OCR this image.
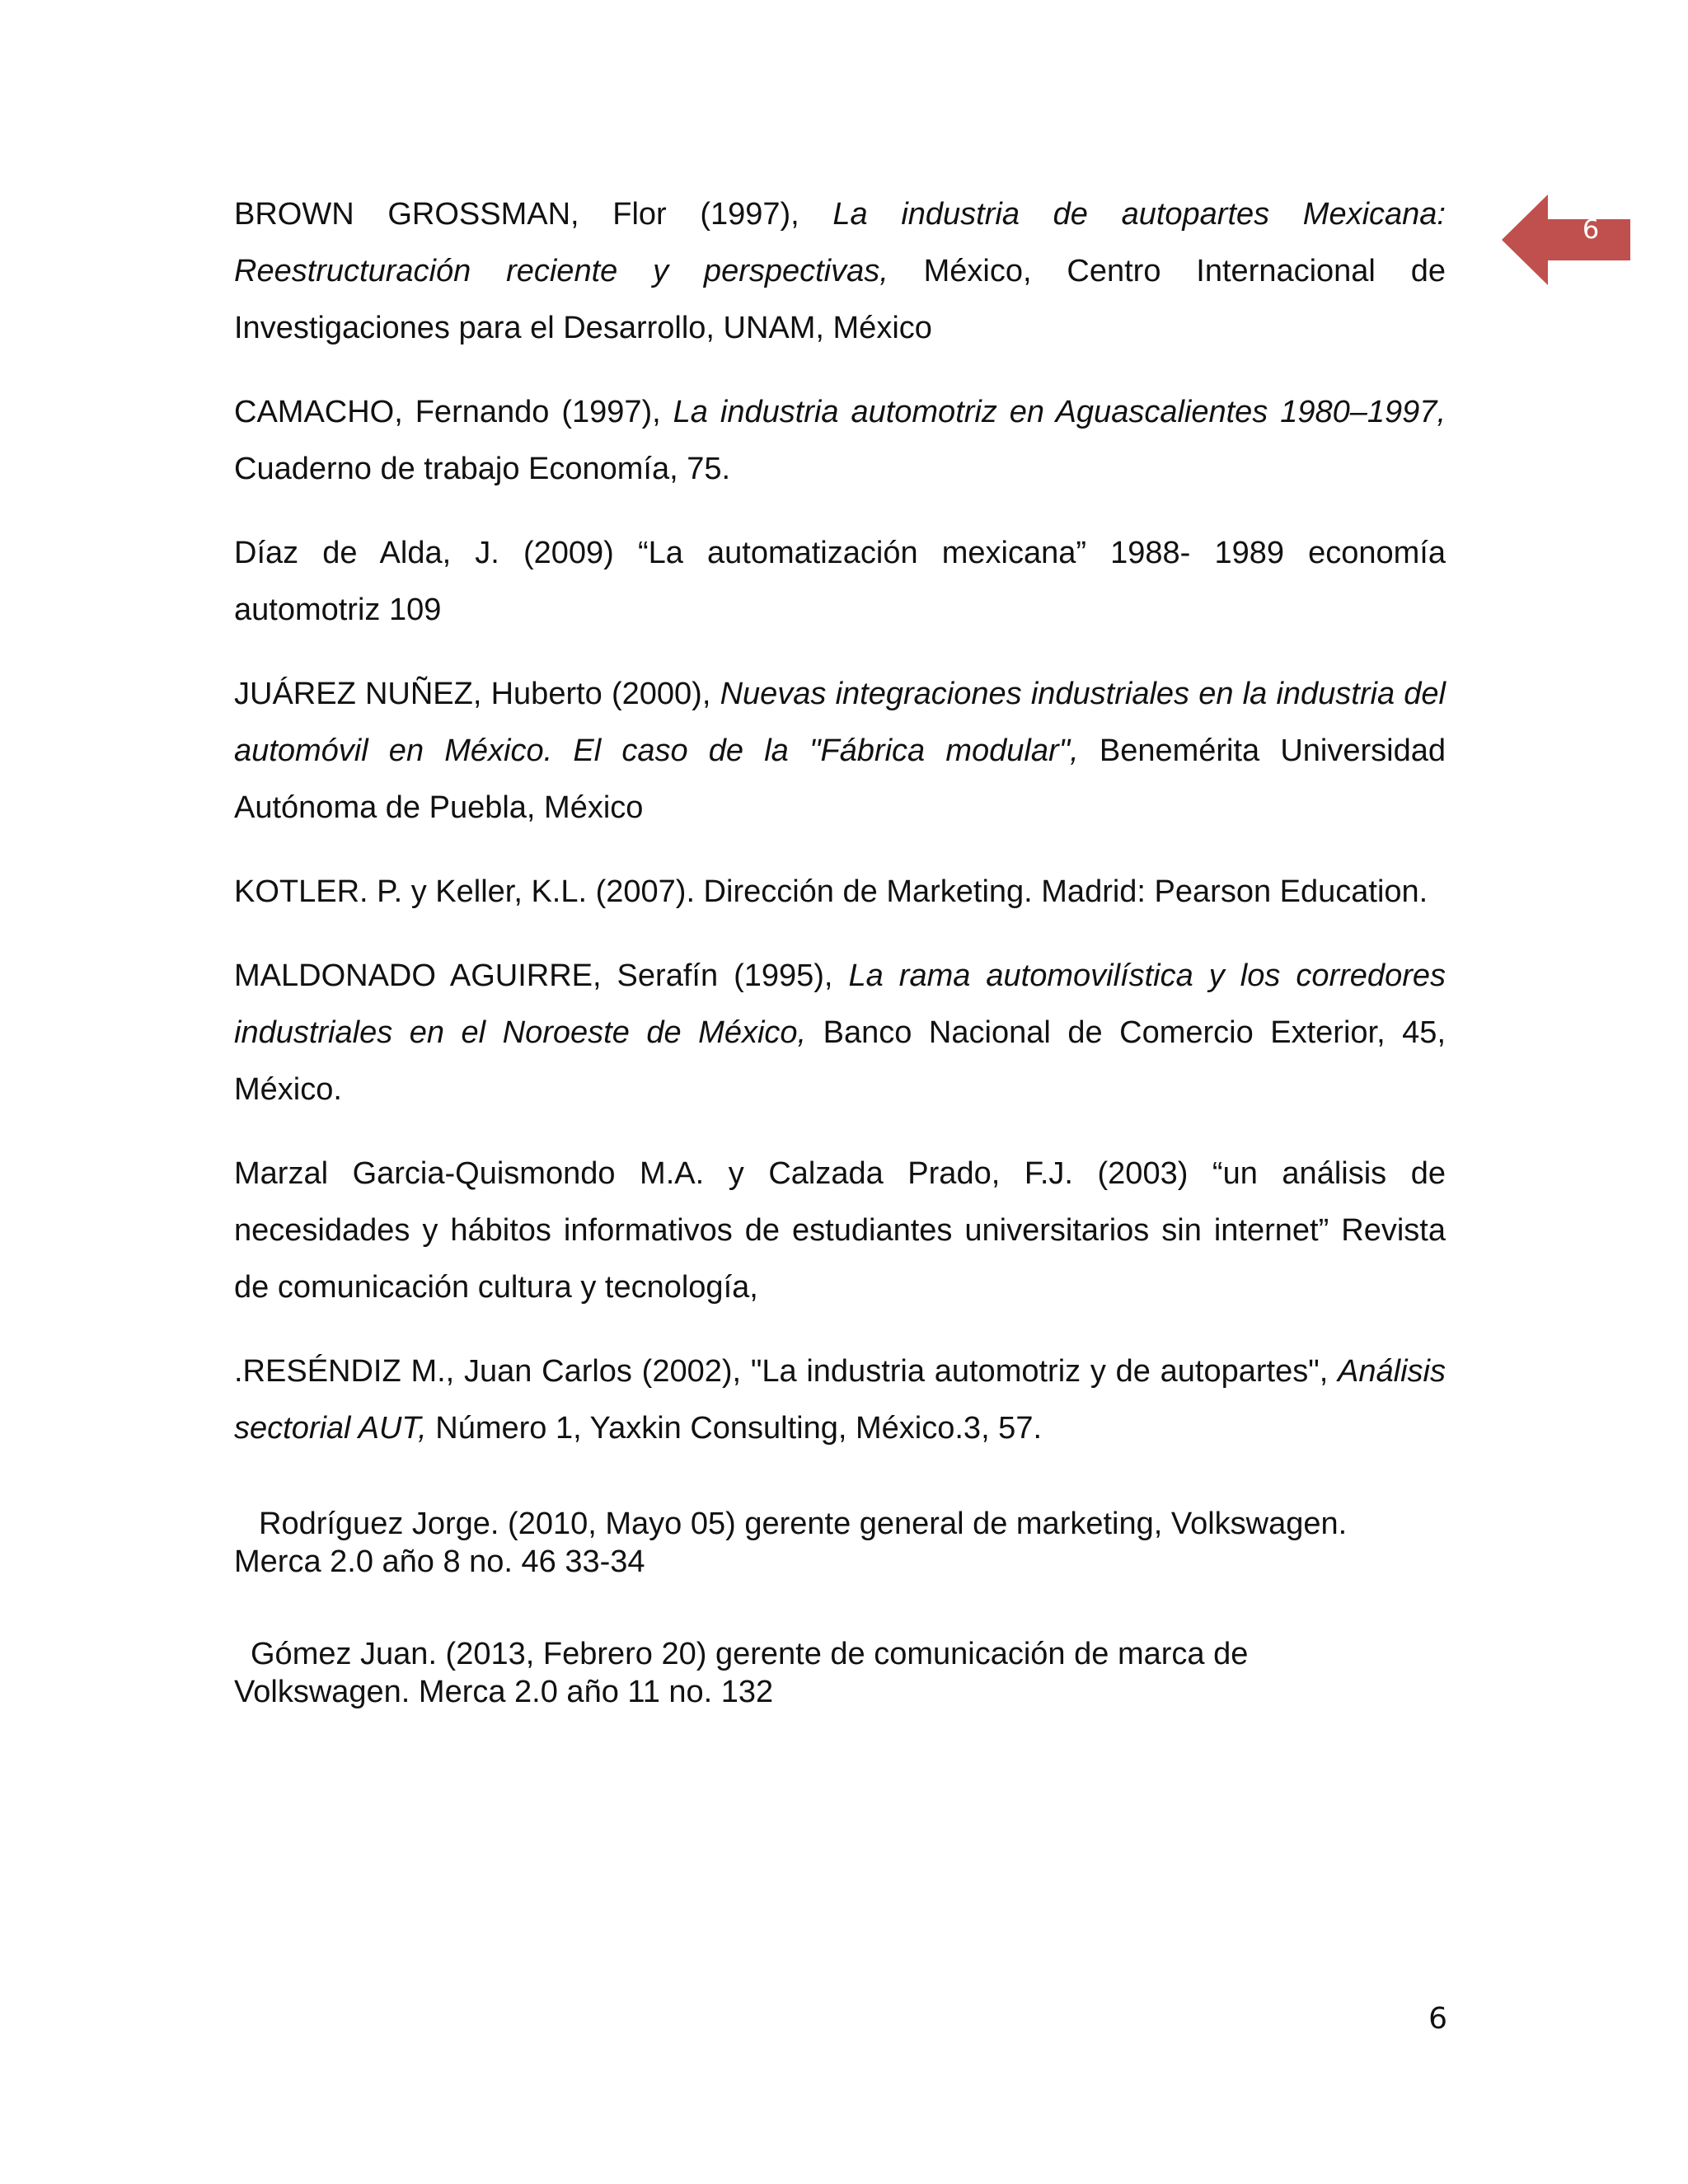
6

BROWN GROSSMAN, Flor (1997), La industria de autopartes Mexicana: Reestructuración reciente y perspectivas, México, Centro Internacional de Investigaciones para el Desarrollo, UNAM, México

CAMACHO, Fernando (1997), La industria automotriz en Aguascalientes 1980–1997, Cuaderno de trabajo Economía, 75.

Díaz de Alda, J. (2009) “La automatización mexicana” 1988- 1989 economía automotriz 109

JUÁREZ NUÑEZ, Huberto (2000), Nuevas integraciones industriales en la industria del automóvil en México. El caso de la "Fábrica modular", Benemérita Universidad Autónoma de Puebla, México

KOTLER. P. y Keller, K.L. (2007). Dirección de Marketing. Madrid: Pearson Education.

MALDONADO AGUIRRE, Serafín (1995), La rama automovilística y los corredores industriales en el Noroeste de México, Banco Nacional de Comercio Exterior, 45, México.

Marzal Garcia-Quismondo M.A. y Calzada Prado, F.J. (2003) “un análisis de necesidades y hábitos informativos de estudiantes universitarios sin internet” Revista de comunicación cultura y tecnología,

.RESÉNDIZ M., Juan Carlos (2002), "La industria automotriz y de autopartes", Análisis sectorial AUT, Número 1, Yaxkin Consulting, México.3, 57.

Rodríguez Jorge. (2010, Mayo 05) gerente general de marketing, Volkswagen.
Merca 2.0 año 8 no. 46 33-34

Gómez Juan. (2013, Febrero 20) gerente de comunicación de marca de
Volkswagen. Merca 2.0 año 11 no. 132

6
